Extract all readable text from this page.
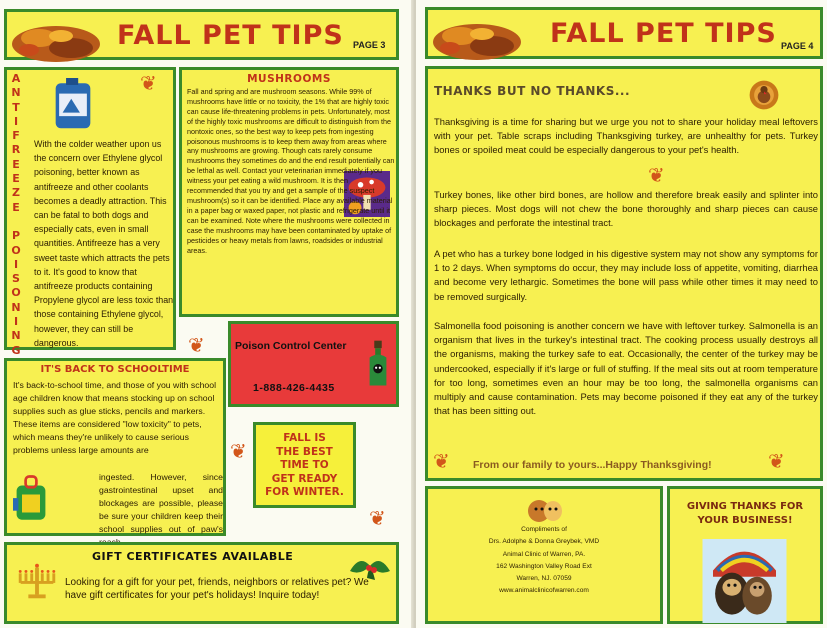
FALL PET TIPS PAGE 3
A
N
T
I
F
R
E
E
Z
E

P
O
I
S
O
N
I
N
G
With the colder weather upon us the concern over Ethylene glycol poisoning, better known as antifreeze and other coolants becomes a deadly attraction. This can be fatal to both dogs and especially cats, even in small quantities. Antifreeze has a very sweet taste which attracts the pets to it. It's good to know that antifreeze products containing Propylene glycol are less toxic than those containing Ethylene glycol, however, they can still be dangerous.
❦	MUSHROOMS
Fall and spring and are mushroom seasons. While 99% of mushrooms have little or no toxicity, the 1% that are highly toxic can cause life-threatening problems in pets. Unfortunately, most of the highly toxic mushrooms are difficult to distinguish from the nontoxic ones, so the best way to keep pets from ingesting poisonous mushrooms is to keep them away from areas where any mushrooms are growing. Though cats rarely consume mushrooms they sometimes do and the end result potentially can be lethal as well. Contact your veterinarian immediately if you witness your pet eating a wild mushroom. It is then recommended that you try and get a sample of the suspect mushroom(s) so it can be identified. Place any available material in a paper bag or waxed paper, not plastic and refrigerate until it can be examined. Note where the mushrooms were collected in case the mushrooms may have been contaminated by uptake of pesticides or heavy metals from lawns, roadsides or industrial areas.
Poison Control Center
1-888-426-4435
IT'S BACK TO SCHOOLTIME
It's back-to-school time, and those of you with school age children know that means stocking up on school supplies such as glue sticks, pencils and markers. These items are considered "low toxicity" to pets, which means they're unlikely to cause serious problems unless large amounts are
ingested. However, since gastrointestinal upset and blockages are possible, please be sure your children keep their school supplies out of paw's
FALL IS
THE BEST
TIME TO
GET READY
FOR WINTER.
❦
❦
❦
GIFT CERTIFICATES AVAILABLE
Looking for a gift for your pet, friends, neighbors or relatives pet? We have gift certificates for your pet's holidays! Inquire today!
FALL PET TIPS PAGE 4
THANKS BUT NO THANKS...
Thanksgiving is a time for sharing but we urge you not to share your holiday meal leftovers with your pet. Table scraps including Thanksgiving turkey, are unhealthy for pets. Turkey bones or spoiled meat could be especially dangerous to your pet's health.
Turkey bones, like other bird bones, are hollow and therefore break easily and splinter into sharp pieces. Most dogs will not chew the bone thoroughly and sharp pieces can cause blockages and perforate the intestinal tract.
A pet who has a turkey bone lodged in his digestive system may not show any symptoms for 1 to 2 days. When symptoms do occur, they may include loss of appetite, vomiting, diarrhea and become very lethargic. Sometimes the bone will pass while other times it may need to be removed surgically.
Salmonella food poisoning is another concern we have with leftover turkey. Salmonella is an organism that lives in the turkey's intestinal tract. The cooking process usually destroys all the organisms, making the turkey safe to eat. Occasionally, the center of the turkey may be undercooked, especially if it's large or full of stuffing. If the meal sits out at room temperature for too long, sometimes even an hour may be too long, the salmonella organisms can multiply and cause contamination. Pets may become poisoned if they eat any of the turkey that has been sitting out.
From our family to yours...Happy Thanksgiving!
❦
❦	❦
Compliments of
Drs. Adolphe & Donna Greybek, VMD
Animal Clinic of Warren, PA.
162 Washington Valley Road Ext
Warren, NJ. 07059
www.animalclinicofwarren.com
GIVING THANKS FOR
YOUR BUSINESS!
